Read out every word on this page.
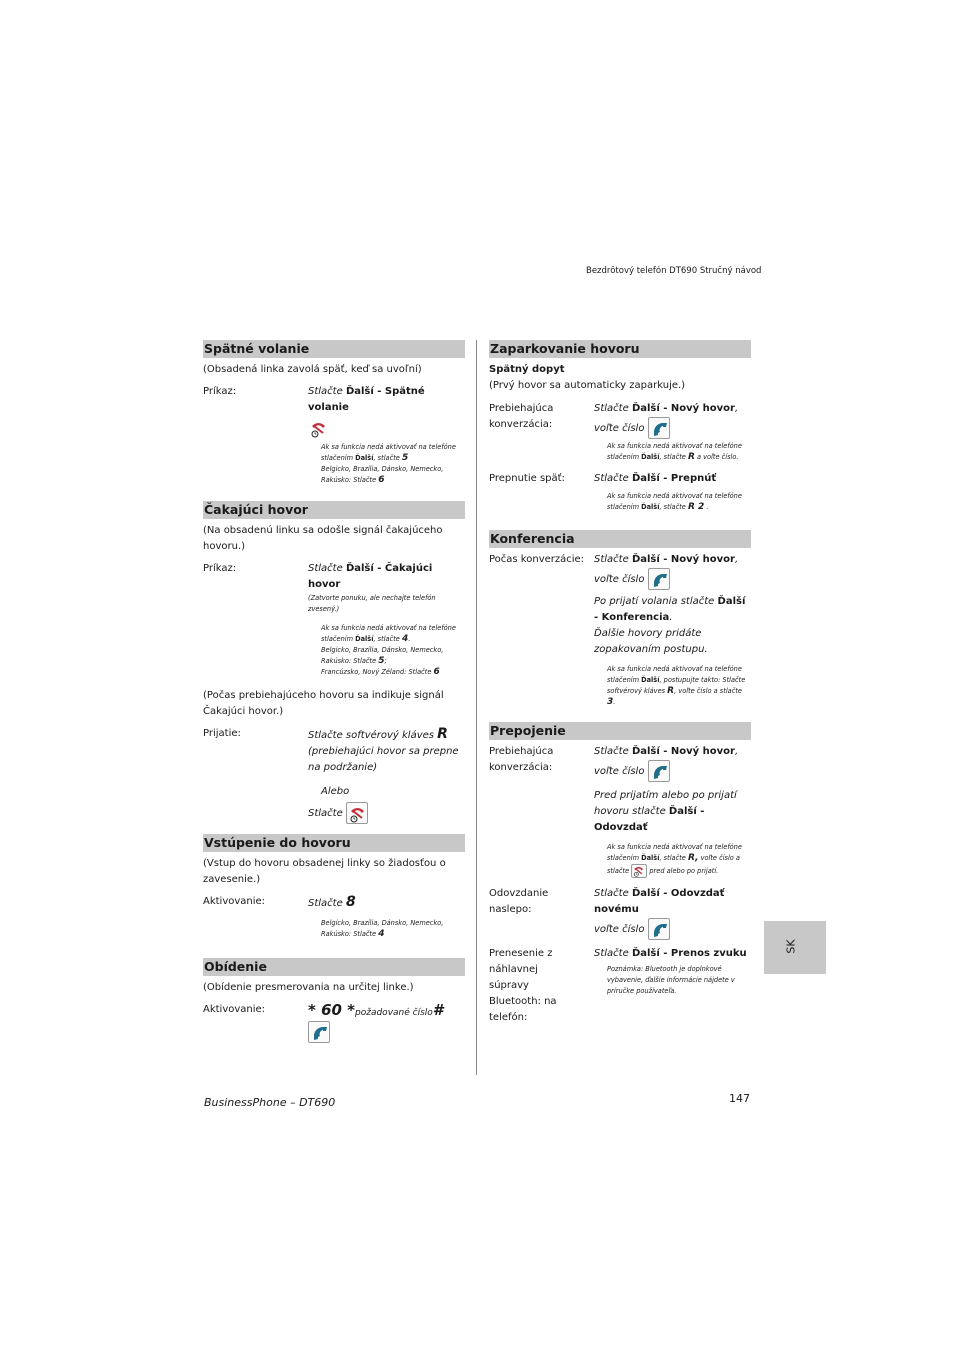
Bezdrôtový telefón DT690 Stručný návod
Spätné volanie
(Obsadená linka zavolá späť, keď sa uvoľní)
Príkaz:	Stlačte Ďalší - Spätné volanie
Ak sa funkcia nedá aktivovať na telefóne
stlačením Ďalší, stlačte 5
Belgicko, Brazília, Dánsko, Nemecko,
Rakúsko: Stlačte 6
Čakajúci hovor
(Na obsadenú linku sa odošle signál čakajúceho hovoru.)
Príkaz:	Stlačte Ďalší - Čakajúci hovor
(Zatvorte ponuku, ale nechajte telefón zvesený.)
Ak sa funkcia nedá aktivovať na telefóne
stlačením Ďalší, stlačte 4.
Belgicko, Brazília, Dánsko, Nemecko,
Rakúsko: Stlačte 5;
Francúzsko, Nový Zéland: Stlačte 6
(Počas prebiehajúceho hovoru sa indikuje signál Čakajúci hovor.)
Prijatie:	Stlačte softvérový kláves R
(prebiehajúci hovor sa prepne na podržanie)
Alebo
Stlačte
Vstúpenie do hovoru
(Vstup do hovoru obsadenej linky so žiadosťou o zavesenie.)
Aktivovanie:	Stlačte 8
Belgicko, Brazília, Dánsko, Nemecko,
Rakúsko: Stlačte 4
Obídenie
(Obídenie presmerovania na určitej linke.)
Aktivovanie:	* 60 *požadované číslo#
Zaparkovanie hovoru
Spätný dopyt
(Prvý hovor sa automaticky zaparkuje.)
Prebiehajúca konverzácia:
Stlačte Ďalší - Nový hovor, voľte číslo
Ak sa funkcia nedá aktivovať na telefóne
stlačením Ďalší, stlačte R a voľte číslo.
Prepnutie späť:	Stlačte Ďalší - Prepnúť
Ak sa funkcia nedá aktivovať na telefóne
stlačením Ďalší, stlačte R 2 .
Konferencia
Počas konverzácie: Stlačte Ďalší - Nový hovor, voľte číslo
Po prijatí volania stlačte Ďalší - Konferencia.
Ďalšie hovory pridáte zopakovaním postupu.
Ak sa funkcia nedá aktivovať na telefóne
stlačením Ďalší, postupujte takto: Stlačte
softvérový kláves R, voľte číslo a stlačte 3.
Prepojenie
Prebiehajúca konverzácia:
Stlačte Ďalší - Nový hovor,
voľte číslo
Pred prijatím alebo po prijatí hovoru stlačte Ďalší - Odovzdať
Ak sa funkcia nedá aktivovať na telefóne
stlačením Ďalší, stlačte R, voľte číslo a
stlačte
pred alebo po prijatí.
Odovzdanie naslepo:
Stlačte Ďalší - Odovzdať novému
voľte číslo
Prenesenie z náhlavnej súpravy Bluetooth: na telefón:
Stlačte Ďalší - Prenos zvuku
Poznámka: Bluetooth je doplnkové vybavenie, ďalšie informácie nájdete v príručke používateľa.
SK
BusinessPhone – DT690	147
